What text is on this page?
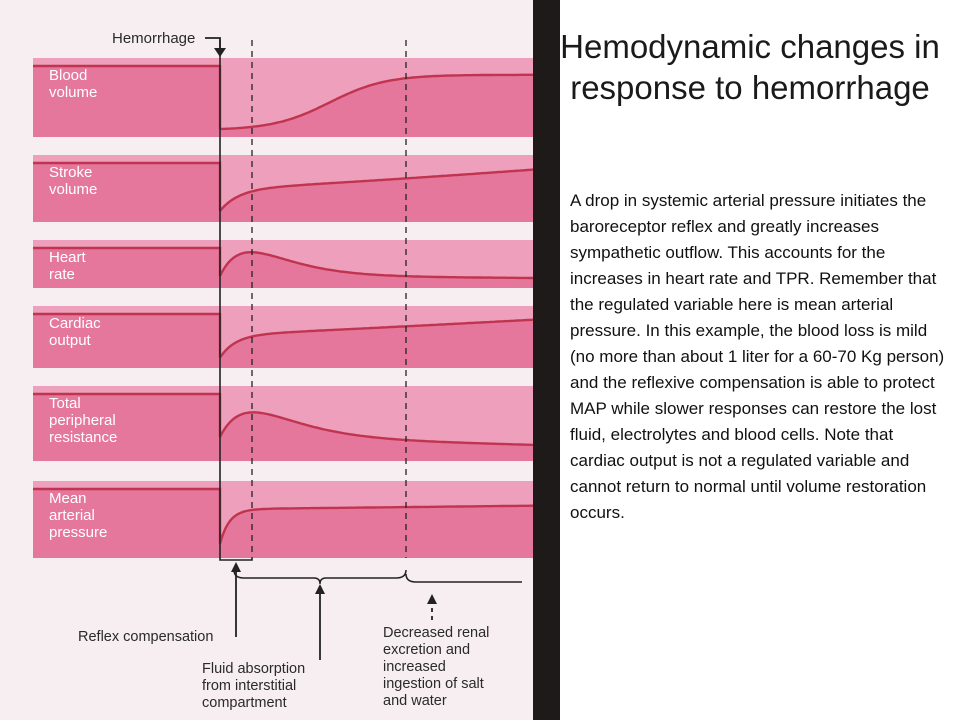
Blood volume
Stroke volume
Heart rate
Cardiac output
Total peripheral resistance
Mean arterial pressure
Hemorrhage
Reflex compensation
Fluid absorption from interstitial compartment
Decreased renal excretion and increased ingestion of salt and water
Hemodynamic changes in response to hemorrhage

A drop in systemic arterial pressure initiates the baroreceptor reflex and greatly increases sympathetic outflow. This accounts for the increases in heart rate and TPR. Remember that the regulated variable here is mean arterial pressure. In this example, the blood loss is mild (no more than about 1 liter for a 60-70 Kg person) and the reflexive compensation is able to protect MAP while slower responses can restore the lost fluid, electrolytes and blood cells. Note that cardiac output is not a regulated variable and cannot return to normal until volume restoration occurs.
